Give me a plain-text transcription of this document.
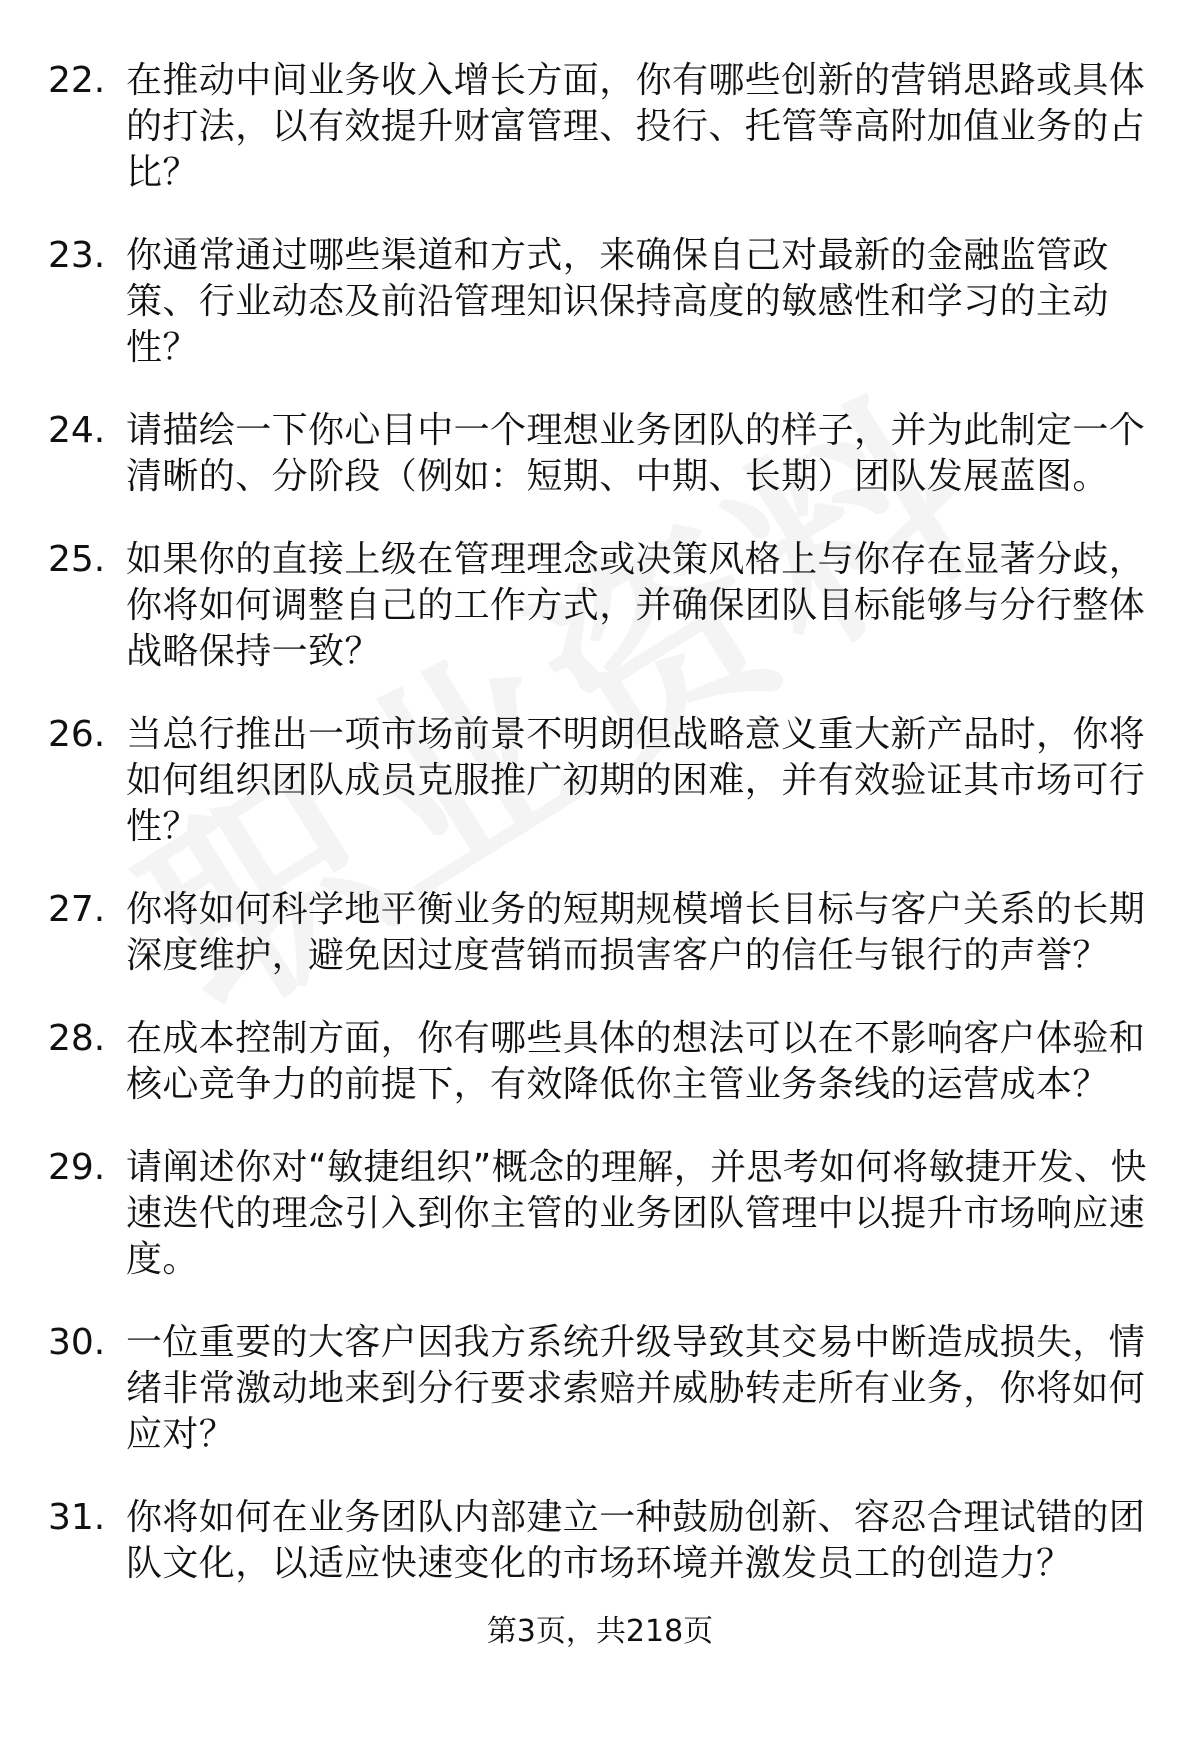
22. 在推动中间业务收入增长方面，你有哪些创新的营销思路或具体的打法，以有效提升财富管理、投行、托管等高附加值业务的占比？
23. 你通常通过哪些渠道和方式，来确保自己对最新的金融监管政策、行业动态及前沿管理知识保持高度的敏感性和学习的主动性？
24. 请描绘一下你心目中一个理想业务团队的样子，并为此制定一个清晰的、分阶段（例如：短期、中期、长期）团队发展蓝图。
25. 如果你的直接上级在管理理念或决策风格上与你存在显著分歧，你将如何调整自己的工作方式，并确保团队目标能够与分行整体战略保持一致？
26. 当总行推出一项市场前景不明朗但战略意义重大新产品时，你将如何组织团队成员克服推广初期的困难，并有效验证其市场可行性？
27. 你将如何科学地平衡业务的短期规模增长目标与客户关系的长期深度维护，避免因过度营销而损害客户的信任与银行的声誉？
28. 在成本控制方面，你有哪些具体的想法可以在不影响客户体验和核心竞争力的前提下，有效降低你主管业务条线的运营成本？
29. 请阐述你对“敏捷组织”概念的理解，并思考如何将敏捷开发、快速迭代的理念引入到你主管的业务团队管理中以提升市场响应速度。
30. 一位重要的大客户因我方系统升级导致其交易中断造成损失，情绪非常激动地来到分行要求索赔并威胁转走所有业务，你将如何应对？
31. 你将如何在业务团队内部建立一种鼓励创新、容忍合理试错的团队文化，以适应快速变化的市场环境并激发员工的创造力？
第3页，共218页
